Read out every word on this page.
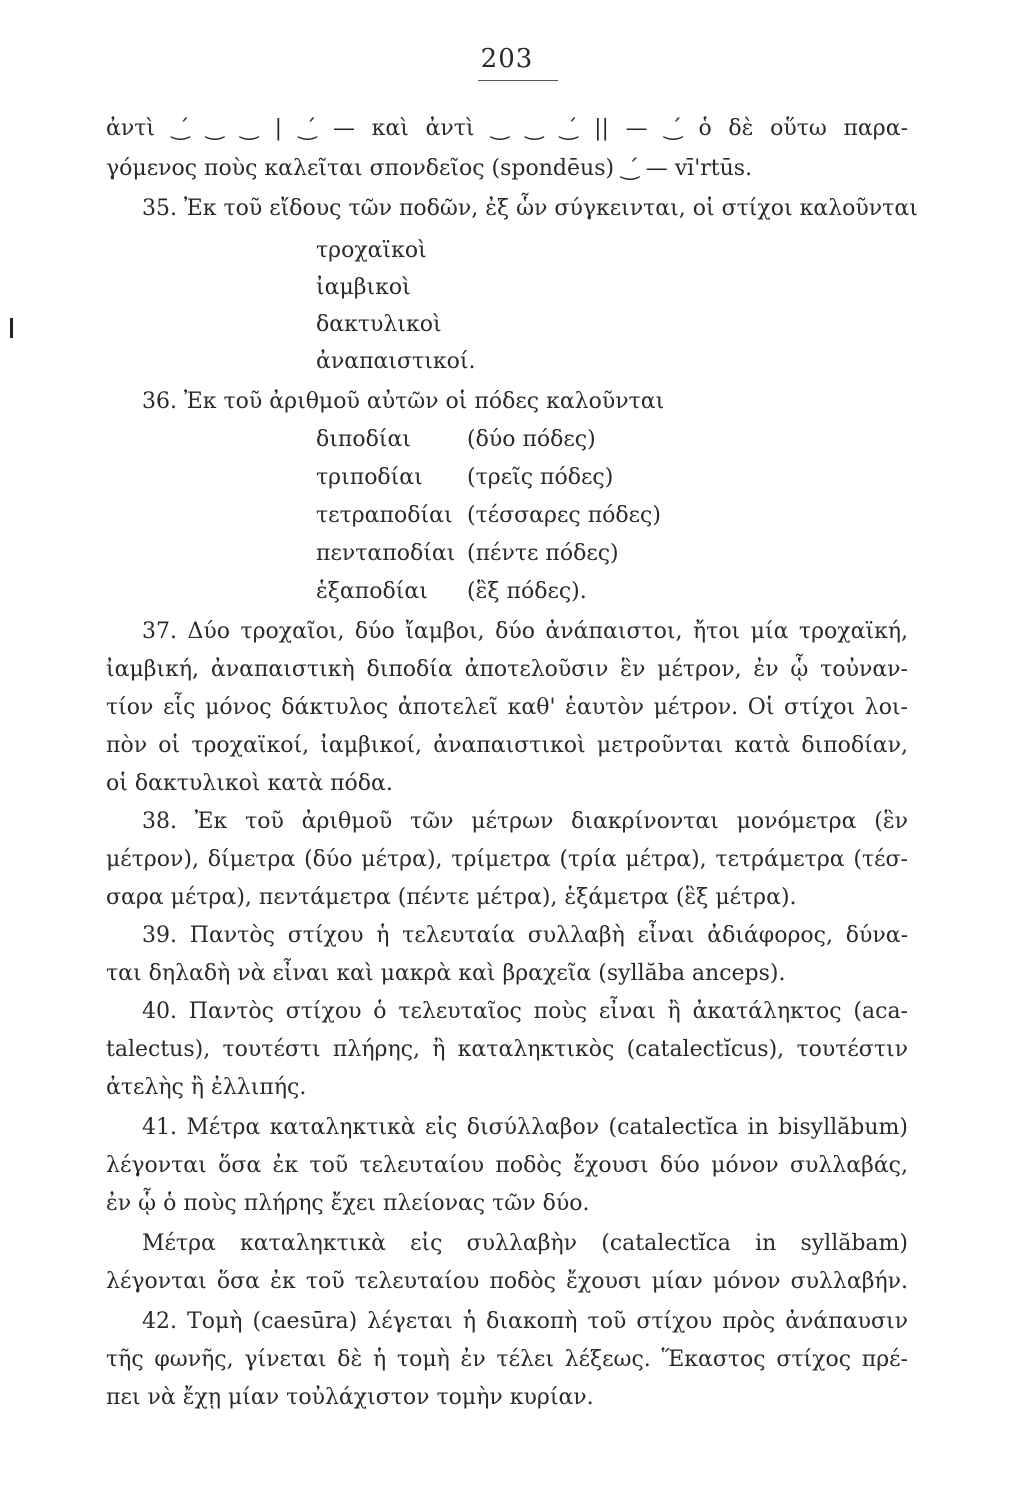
203
ἀντὶ ‿́ ‿ ‿ | ‿́ — καὶ ἀντὶ ‿ ‿ ‿́ || — ‿́ ὁ δὲ οὕτω παρα-
γόμενος ποὺς καλεῖται σπονδεῖος (spondēus) ‿́ — vī'rtūs.
35. Ἐκ τοῦ εἴδους τῶν ποδῶν, ἐξ ὧν σύγκεινται, οἱ στίχοι καλοῦνται
τροχαϊκοὶ
ἰαμβικοὶ
δακτυλικοὶ
ἀναπαιστικοί.
36. Ἐκ τοῦ ἀριθμοῦ αὐτῶν οἱ πόδες καλοῦνται
διποδίαι	(δύο πόδες)
τριποδίαι (τρεῖς πόδες)
τετραποδίαι (τέσσαρες πόδες)
πενταποδίαι (πέντε πόδες)
ἑξαποδίαι (ἓξ πόδες).
37. Δύο τροχαῖοι, δύο ἴαμβοι, δύο ἀνάπαιστοι, ἤτοι μία τροχαϊκή,
ἰαμβική, ἀναπαιστικὴ διποδία ἀποτελοῦσιν ἓν μέτρον, ἐν ᾧ τοὐναν-
τίον εἷς μόνος δάκτυλος ἀποτελεῖ καθ' ἑαυτὸν μέτρον. Οἱ στίχοι λοι-
πὸν οἱ τροχαϊκοί, ἰαμβικοί, ἀναπαιστικοὶ μετροῦνται κατὰ διποδίαν,
οἱ δακτυλικοὶ κατὰ πόδα.
38. Ἐκ τοῦ ἀριθμοῦ τῶν μέτρων διακρίνονται μονόμετρα (ἓν
μέτρον), δίμετρα (δύο μέτρα), τρίμετρα (τρία μέτρα), τετράμετρα (τέσ-
σαρα μέτρα), πεντάμετρα (πέντε μέτρα), ἑξάμετρα (ἓξ μέτρα).
39. Παντὸς στίχου ἡ τελευταία συλλαβὴ εἶναι ἀδιάφορος, δύνα-
ται δηλαδὴ νὰ εἶναι καὶ μακρὰ καὶ βραχεῖα (syllăba anceps).
40. Παντὸς στίχου ὁ τελευταῖος ποὺς εἶναι ἢ ἀκατάληκτος (aca-
talectus), τουτέστι πλήρης, ἢ καταληκτικὸς (catalectĭcus), τουτέστιν
ἀτελὴς ἢ ἐλλιπής.
41. Μέτρα καταληκτικὰ εἰς δισύλλαβον (catalectĭca in bisyllăbum)
λέγονται ὅσα ἐκ τοῦ τελευταίου ποδὸς ἔχουσι δύο μόνον συλλαβάς,
ἐν ᾧ ὁ ποὺς πλήρης ἔχει πλείονας τῶν δύο.
Μέτρα καταληκτικὰ εἰς συλλαβὴν (catalectĭca in syllăbam)
λέγονται ὅσα ἐκ τοῦ τελευταίου ποδὸς ἔχουσι μίαν μόνον συλλαβήν.
42. Τομὴ (caesūra) λέγεται ἡ διακοπὴ τοῦ στίχου πρὸς ἀνάπαυσιν
τῆς φωνῆς, γίνεται δὲ ἡ τομὴ ἐν τέλει λέξεως. Ἕκαστος στίχος πρέ-
πει νὰ ἔχῃ μίαν τοὐλάχιστον τομὴν κυρίαν.
